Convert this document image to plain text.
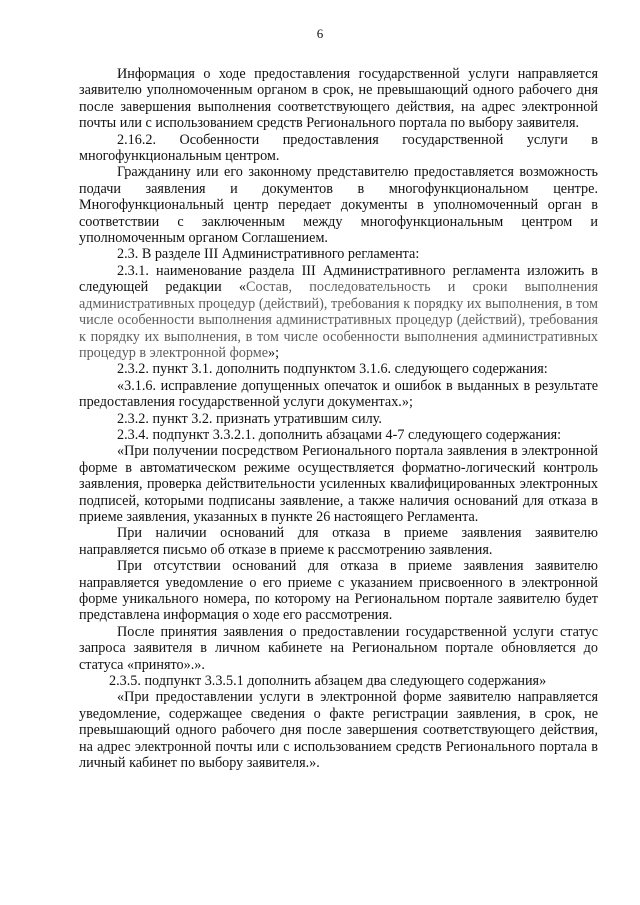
6

Информация о ходе предоставления государственной услуги направляется заявителю уполномоченным органом в срок, не превышающий одного рабочего дня после завершения выполнения соответствующего действия, на адрес электронной почты или с использованием средств Регионального портала по выбору заявителя.

2.16.2. Особенности предоставления государственной услуги в многофункциональным центром.

Гражданину или его законному представителю предоставляется возможность подачи заявления и документов в многофункциональном центре. Многофункциональный центр передает документы в уполномоченный орган в соответствии с заключенным между многофункциональным центром и уполномоченным органом Соглашением.

2.3. В разделе III Административного регламента:

2.3.1. наименование раздела III Административного регламента изложить в следующей редакции «Состав, последовательность и сроки выполнения административных процедур (действий), требования к порядку их выполнения, в том числе особенности выполнения административных процедур (действий), требования к порядку их выполнения, в том числе особенности выполнения административных процедур в электронной форме»;

2.3.2. пункт 3.1. дополнить подпунктом 3.1.6. следующего содержания:

«3.1.6. исправление допущенных опечаток и ошибок в выданных в результате предоставления государственной услуги документах.»;

2.3.2. пункт 3.2. признать утратившим силу.

2.3.4. подпункт 3.3.2.1. дополнить абзацами 4-7 следующего содержания:

«При получении посредством Регионального портала заявления в электронной форме в автоматическом режиме осуществляется форматно-логический контроль заявления, проверка действительности усиленных квалифицированных электронных подписей, которыми подписаны заявление, а также наличия оснований для отказа в приеме заявления, указанных в пункте 26 настоящего Регламента.

При наличии оснований для отказа в приеме заявления заявителю направляется письмо об отказе в приеме к рассмотрению заявления.

При отсутствии оснований для отказа в приеме заявления заявителю направляется уведомление о его приеме с указанием присвоенного в электронной форме уникального номера, по которому на Региональном портале заявителю будет представлена информация о ходе его рассмотрения.

После принятия заявления о предоставлении государственной услуги статус запроса заявителя в личном кабинете на Региональном портале обновляется до статуса «принято».».

2.3.5. подпункт 3.3.5.1 дополнить абзацем два следующего содержания»

«При предоставлении услуги в электронной форме заявителю направляется уведомление, содержащее сведения о факте регистрации заявления, в срок, не превышающий одного рабочего дня после завершения соответствующего действия, на адрес электронной почты или с использованием средств Регионального портала в личный кабинет по выбору заявителя.».
